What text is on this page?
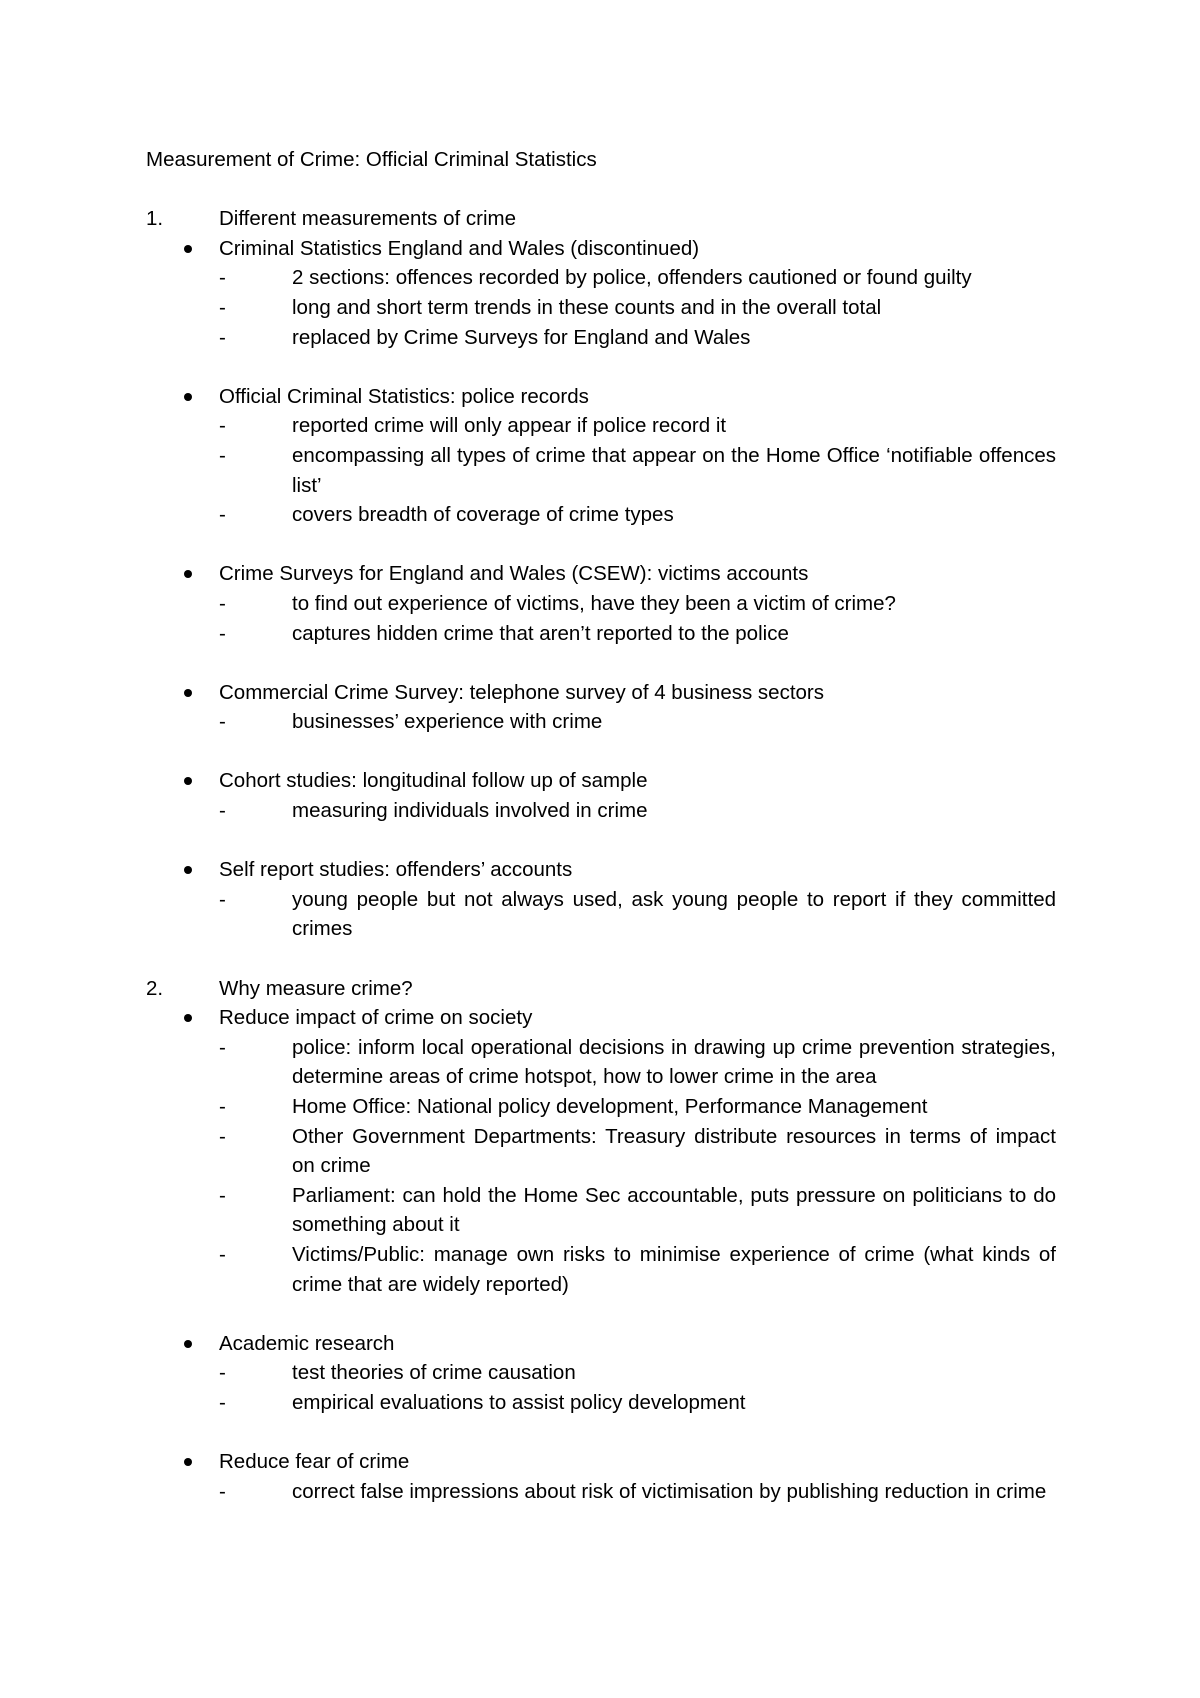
Measurement of Crime: Official Criminal Statistics
1.	Different measurements of crime
Criminal Statistics England and Wales (discontinued)
-	2 sections: offences recorded by police, offenders cautioned or found guilty
-	long and short term trends in these counts and in the overall total
-	replaced by Crime Surveys for England and Wales
Official Criminal Statistics: police records
-	reported crime will only appear if police record it
-	encompassing all types of crime that appear on the Home Office ‘notifiable offences list’
-	covers breadth of coverage of crime types
Crime Surveys for England and Wales (CSEW): victims accounts
-	to find out experience of victims, have they been a victim of crime?
-	captures hidden crime that aren’t reported to the police
Commercial Crime Survey: telephone survey of 4 business sectors
-	businesses’ experience with crime
Cohort studies: longitudinal follow up of sample
-	measuring individuals involved in crime
Self report studies: offenders’ accounts
-	young people but not always used, ask young people to report if they committed crimes
2.	Why measure crime?
Reduce impact of crime on society
-	police: inform local operational decisions in drawing up crime prevention strategies, determine areas of crime hotspot, how to lower crime in the area
-	Home Office: National policy development, Performance Management
-	Other Government Departments: Treasury distribute resources in terms of impact on crime
-	Parliament: can hold the Home Sec accountable, puts pressure on politicians to do something about it
-	Victims/Public: manage own risks to minimise experience of crime (what kinds of crime that are widely reported)
Academic research
-	test theories of crime causation
-	empirical evaluations to assist policy development
Reduce fear of crime
-	correct false impressions about risk of victimisation by publishing reduction in crime
